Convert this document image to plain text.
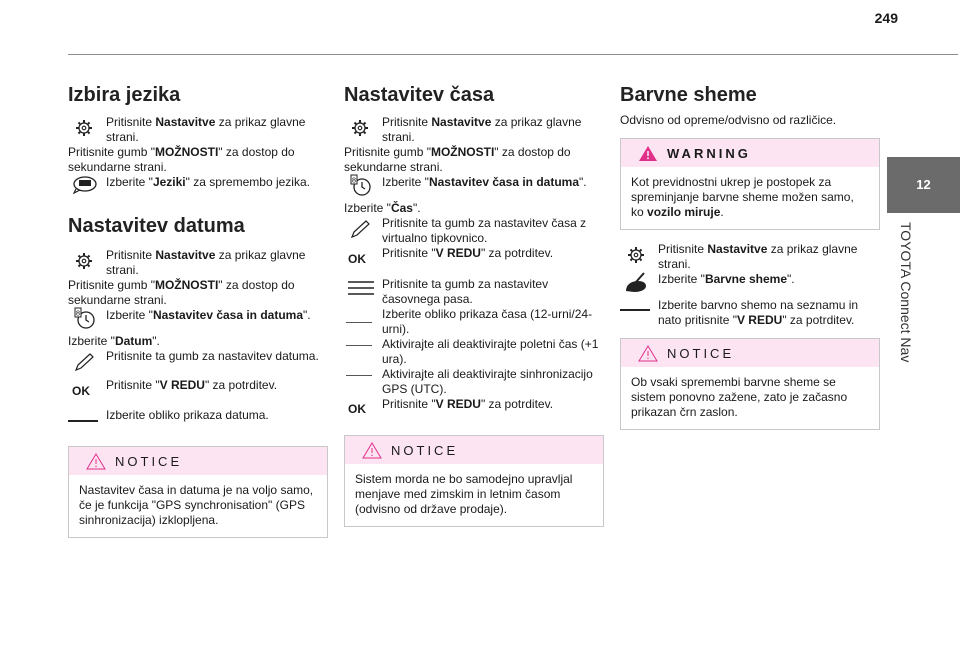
249
12
TOYOTA Connect Nav
Izbira jezika
Pritisnite Nastavitve za prikaz glavne strani.

Pritisnite gumb "MOŽNOSTI" za dostop do sekundarne strani.

Izberite "Jeziki" za spremembo jezika.
Nastavitev datuma
Pritisnite Nastavitve za prikaz glavne strani.

Pritisnite gumb "MOŽNOSTI" za dostop do sekundarne strani.

8 Izberite "Nastavitev časa in datuma".

Izberite "Datum".

Pritisnite ta gumb za nastavitev datuma.
OK Pritisnite "V REDU" za potrditev.
Izberite obliko prikaza datuma.
NOTICE
Nastavitev časa in datuma je na voljo samo, če je funkcija "GPS synchronisation" (GPS sinhronizacija) izklopljena.
Nastavitev časa
Pritisnite Nastavitve za prikaz glavne strani.

Pritisnite gumb "MOŽNOSTI" za dostop do sekundarne strani.

8 Izberite "Nastavitev časa in datuma".

Izberite "Čas".

Pritisnite ta gumb za nastavitev časa z virtualno tipkovnico.
OK Pritisnite "V REDU" za potrditev.
Pritisnite ta gumb za nastavitev časovnega pasa.
Izberite obliko prikaza časa (12-urni/24-urni).
Aktivirajte ali deaktivirajte poletni čas (+1 ura).
Aktivirajte ali deaktivirajte sinhronizacijo GPS (UTC).
OK Pritisnite "V REDU" za potrditev.
NOTICE
Sistem morda ne bo samodejno upravljal menjave med zimskim in letnim časom (odvisno od države prodaje).
Barvne sheme

Odvisno od opreme/odvisno od različice.

WARNING
Kot previdnostni ukrep je postopek za spreminjanje barvne sheme možen samo, ko vozilo miruje.
Pritisnite Nastavitve za prikaz glavne strani.
Izberite "Barvne sheme".
Izberite barvno shemo na seznamu in nato pritisnite "V REDU" za potrditev.
NOTICE
Ob vsaki spremembi barvne sheme se sistem ponovno zažene, zato je začasno prikazan črn zaslon.
